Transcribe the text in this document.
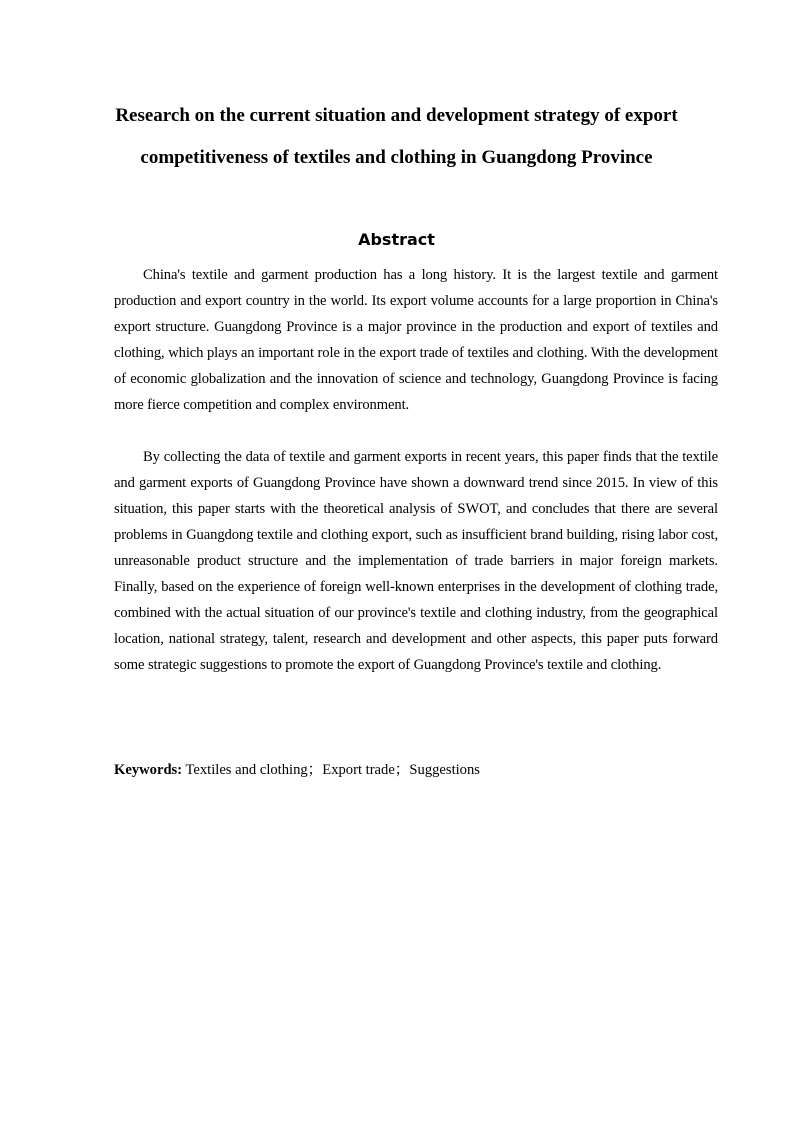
Research on the current situation and development strategy of export
competitiveness of textiles and clothing in Guangdong Province
Abstract

China's textile and garment production has a long history. It is the largest textile and garment production and export country in the world. Its export volume accounts for a large proportion in China's export structure. Guangdong Province is a major province in the production and export of textiles and clothing, which plays an important role in the export trade of textiles and clothing. With the development of economic globalization and the innovation of science and technology, Guangdong Province is facing more fierce competition and complex environment.

By collecting the data of textile and garment exports in recent years, this paper finds that the textile and garment exports of Guangdong Province have shown a downward trend since 2015. In view of this situation, this paper starts with the theoretical analysis of SWOT, and concludes that there are several problems in Guangdong textile and clothing export, such as insufficient brand building, rising labor cost, unreasonable product structure and the implementation of trade barriers in major foreign markets. Finally, based on the experience of foreign well-known enterprises in the development of clothing trade, combined with the actual situation of our province's textile and clothing industry, from the geographical location, national strategy, talent, research and development and other aspects, this paper puts forward some strategic suggestions to promote the export of Guangdong Province's textile and clothing.

Keywords: Textiles and clothing；Export trade；Suggestions
